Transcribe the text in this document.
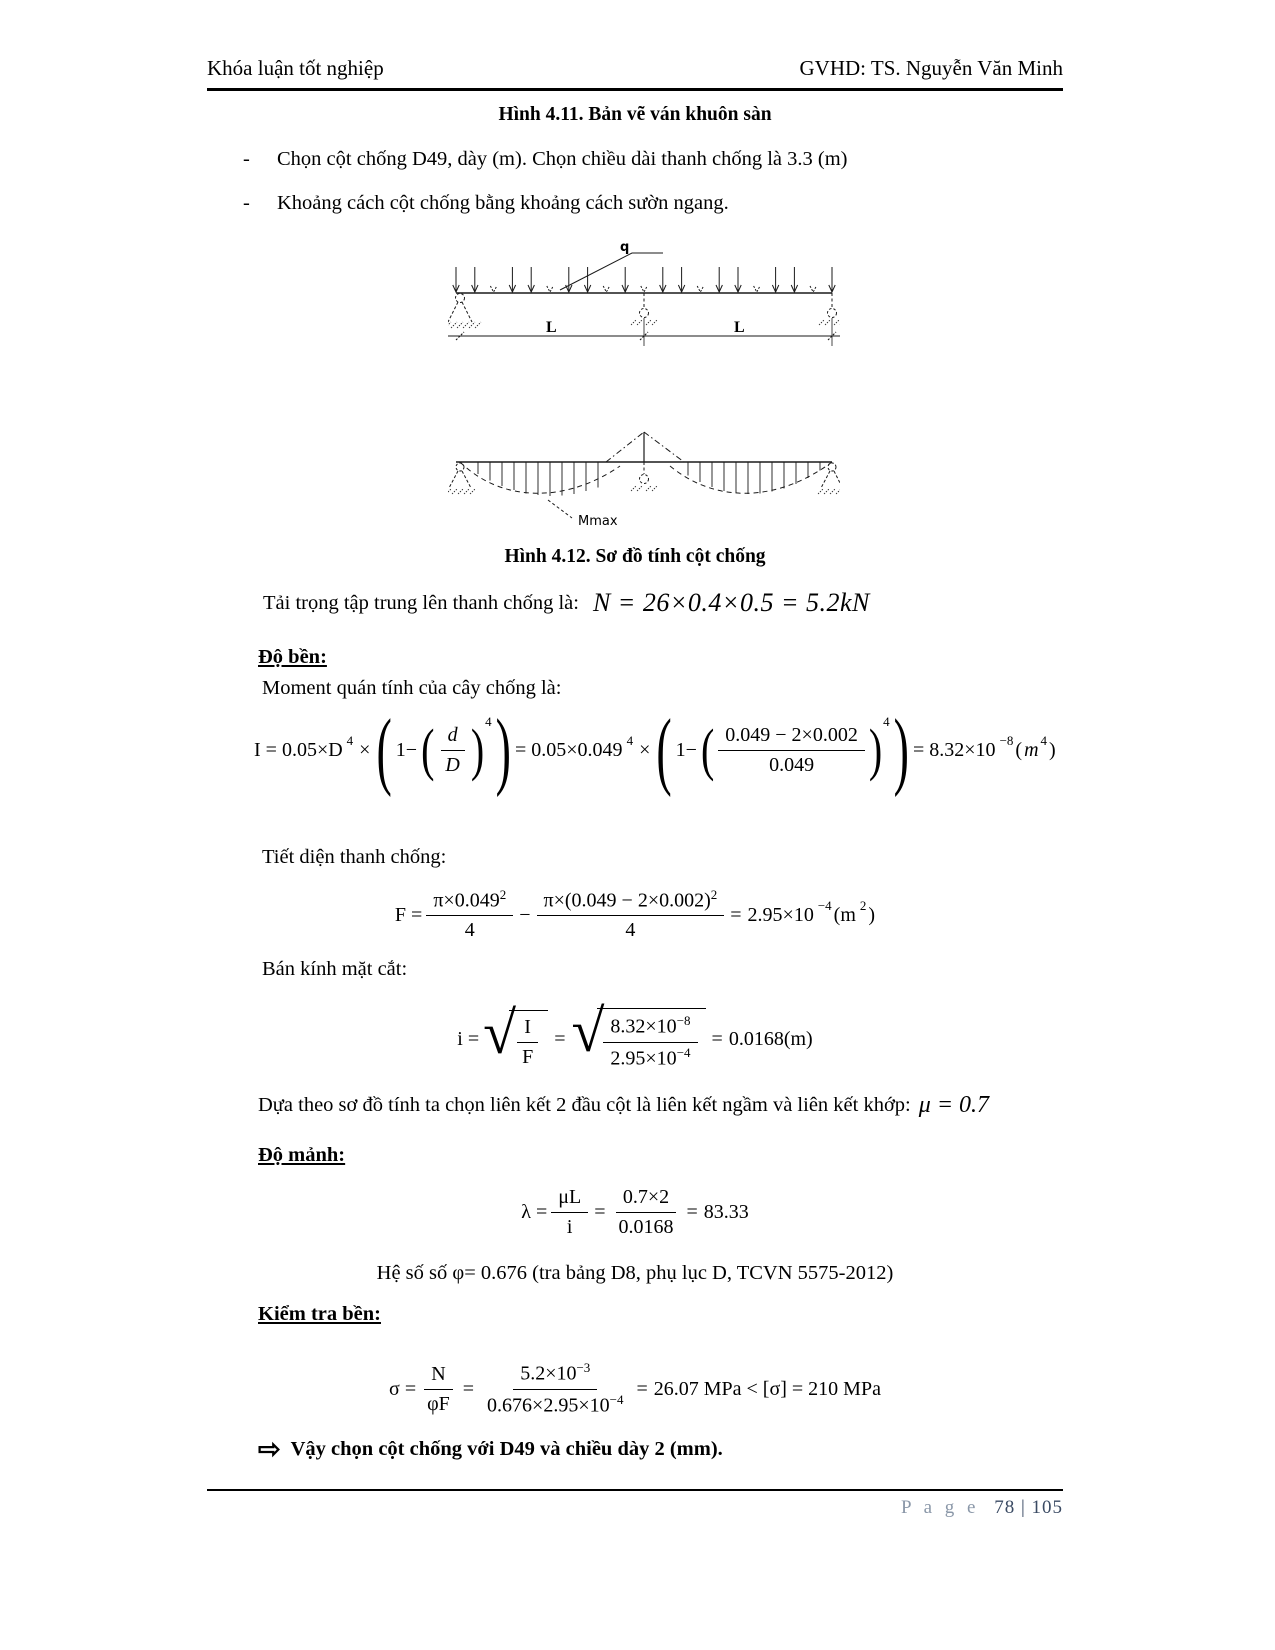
Khóa luận tốt nghiệp	GVHD: TS. Nguyễn Văn Minh
Hình 4.11. Bản vẽ ván khuôn sàn
-	Chọn cột chống D49, dày (m). Chọn chiều dài thanh chống là 3.3 (m)
-	Khoảng cách cột chống bằng khoảng cách sườn ngang.
q
L	L
Mmax
Hình 4.12. Sơ đồ tính cột chống
Tải trọng tập trung lên thanh chống là: N = 26×0.4×0.5 = 5.2kN
Độ bền:
Moment quán tính của cây chống là:
I = 0.05×D $^4$ × ( 1− ( $\frac{d}{D}$ ) 4 ) = 0.05×0.049 $^4$ × ( 1− ( $\frac{0.049 - 2\times 0.002}{0.049}$ ) 4 ) = 8.32×10 $^{-8}$ ( $m^4$ )
Tiết diện thanh chống:
$F = \frac{\pi\times 0.049^2}{4} - \frac{\pi\times(0.049 - 2\times 0.002)^2}{4} = 2.95\times 10$ $^{-4}$ (m $^2$ )
Bán kính mặt cắt:
i = √ $\frac{I}{F}$ = √ $\frac{8.32\times 10^{-8}}{2.95\times 10^{-4}} = 0.0168(m)$
Dựa theo sơ đồ tính ta chọn liên kết 2 đầu cột là liên kết ngầm và liên kết khớp: μ = 0.7
Độ mảnh:
$\lambda = \frac{\mu L}{i} = \frac{0.7\times 2}{0.0168} = 83.33$
Hệ số số φ= 0.676 (tra bảng D8, phụ lục D, TCVN 5575-2012)
Kiểm tra bền:
$\sigma = \frac{N}{\varphi F} = \frac{5.2\times 10^{-3}}{0.676\times 2.95\times 10^{-4}} = 26.07$ MPa < [σ] = 210 MPa
⇨ Vậy chọn cột chống với D49 và chiều dày 2 (mm).
P a g e 78 | 105
